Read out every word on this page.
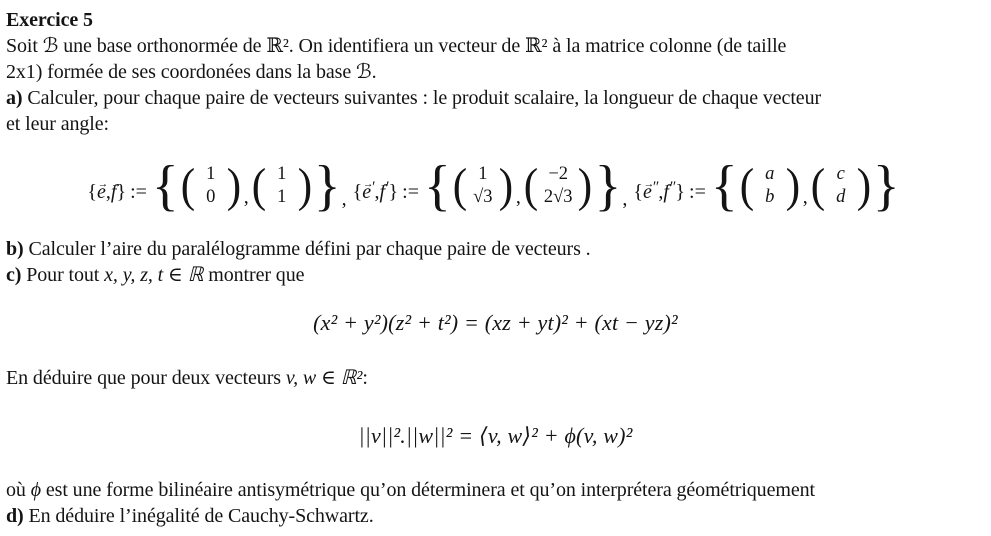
Exercice 5

Soit ℬ une base orthonormée de ℝ². On identifiera un vecteur de ℝ² à la matrice colonne (de taille

2x1) formée de ses coordonées dans la base ℬ.

a) Calculer, pour chaque paire de vecteurs suivantes : le produit scalaire, la longueur de chaque vecteur

et leur angle:

{e →,f →} := { ( 1
0 ) , ( 1
1 ) } , {e →′,f →′} := { ( 1
√3 ) , ( −2
2√3 ) } , {e →″,f →″} := { ( a
b ) , ( c
d ) }

b) Calculer l’aire du paralélogramme défini par chaque paire de vecteurs .

c) Pour tout x, y, z, t ∈ ℝ montrer que

(x² + y²)(z² + t²) = (xz + yt)² + (xt − yz)²

En déduire que pour deux vecteurs v, w ∈ ℝ²:

||v||².||w||² = ⟨v, w⟩² + ϕ(v, w)²

où ϕ est une forme bilinéaire antisymétrique qu’on déterminera et qu’on interprétera géométriquement

d) En déduire l’inégalité de Cauchy-Schwartz.
